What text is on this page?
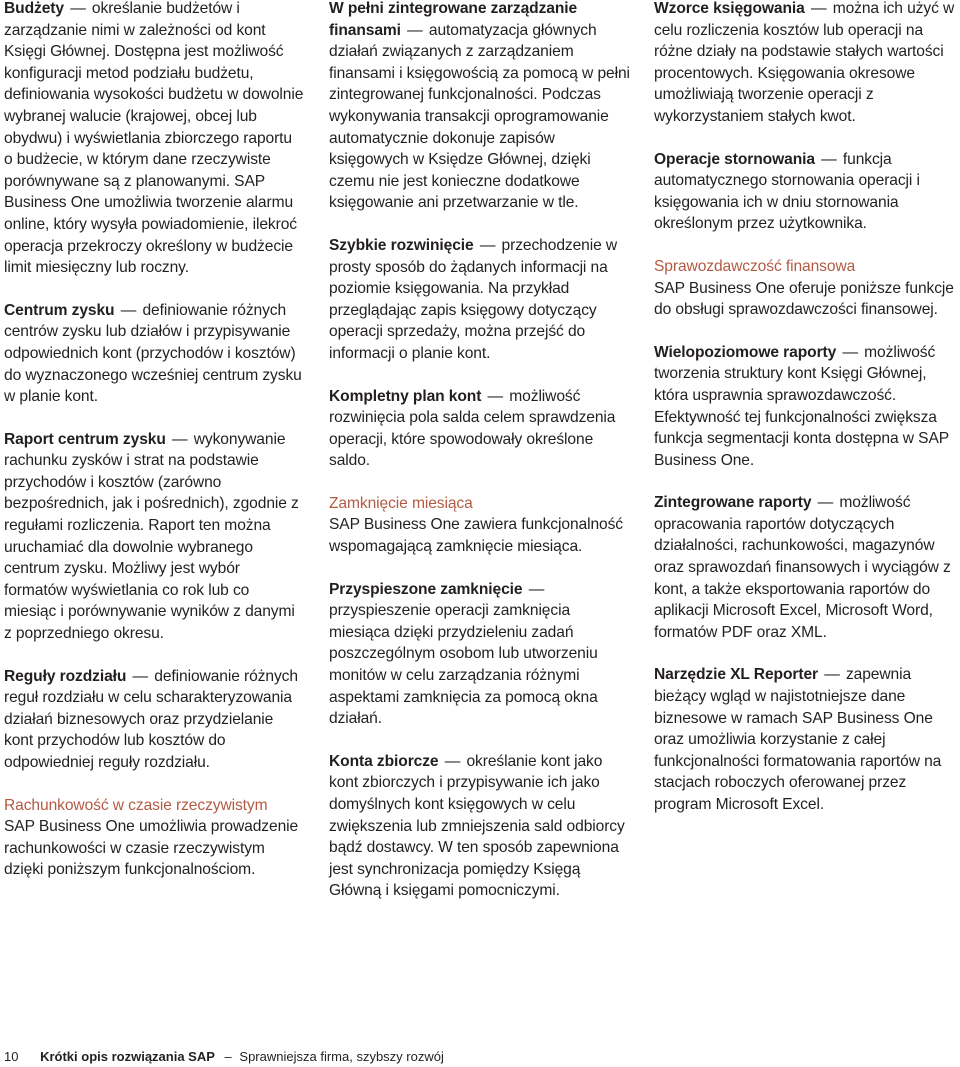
Budżety — określanie budżetów i zarządzanie nimi w zależności od kont Księgi Głównej. Dostępna jest możliwość konfiguracji metod podziału budżetu, definiowania wysokości budżetu w dowolnie wybranej walucie (krajowej, obcej lub obydwu) i wyświetlania zbiorczego raportu o budżecie, w którym dane rzeczywiste porównywane są z planowanymi. SAP Business One umożliwia tworzenie alarmu online, który wysyła powiadomienie, ilekroć operacja przekroczy określony w budżecie limit miesięczny lub roczny.

Centrum zysku — definiowanie różnych centrów zysku lub działów i przypisywanie odpowiednich kont (przychodów i kosztów) do wyznaczonego wcześniej centrum zysku w planie kont.

Raport centrum zysku — wykonywanie rachunku zysków i strat na podstawie przychodów i kosztów (zarówno bezpośrednich, jak i pośrednich), zgodnie z regułami rozliczenia. Raport ten można uruchamiać dla dowolnie wybranego centrum zysku. Możliwy jest wybór formatów wyświetlania co rok lub co miesiąc i porównywanie wyników z danymi z poprzedniego okresu.

Reguły rozdziału — definiowanie różnych reguł rozdziału w celu scharakteryzowania działań biznesowych oraz przydzielanie kont przychodów lub kosztów do odpowiedniej reguły rozdziału.

Rachunkowość w czasie rzeczywistym
SAP Business One umożliwia prowadzenie rachunkowości w czasie rzeczywistym dzięki poniższym funkcjonalnościom.

W pełni zintegrowane zarządzanie finansami — automatyzacja głównych działań związanych z zarządzaniem finansami i księgowością za pomocą w pełni zintegrowanej funkcjonalności. Podczas wykonywania transakcji oprogramowanie automatycznie dokonuje zapisów księgowych w Księdze Głównej, dzięki czemu nie jest konieczne dodatkowe księgowanie ani przetwarzanie w tle.

Szybkie rozwinięcie — przechodzenie w prosty sposób do żądanych informacji na poziomie księgowania. Na przykład przeglądając zapis księgowy dotyczący operacji sprzedaży, można przejść do informacji o planie kont.

Kompletny plan kont — możliwość rozwinięcia pola salda celem sprawdzenia operacji, które spowodowały określone saldo.

Zamknięcie miesiąca
SAP Business One zawiera funkcjonalność wspomagającą zamknięcie miesiąca.

Przyspieszone zamknięcie — przyspieszenie operacji zamknięcia miesiąca dzięki przydzieleniu zadań poszczególnym osobom lub utworzeniu monitów w celu zarządzania różnymi aspektami zamknięcia za pomocą okna działań.

Konta zbiorcze — określanie kont jako kont zbiorczych i przypisywanie ich jako domyślnych kont księgowych w celu zwiększenia lub zmniejszenia sald odbiorcy bądź dostawcy. W ten sposób zapewniona jest synchronizacja pomiędzy Księgą Główną i księgami pomocniczymi.

Wzorce księgowania — można ich użyć w celu rozliczenia kosztów lub operacji na różne działy na podstawie stałych wartości procentowych. Księgowania okresowe umożliwiają tworzenie operacji z wykorzystaniem stałych kwot.

Operacje stornowania — funkcja automatycznego stornowania operacji i księgowania ich w dniu stornowania określonym przez użytkownika.

Sprawozdawczość finansowa
SAP Business One oferuje poniższe funkcje do obsługi sprawozdawczości finansowej.

Wielopoziomowe raporty — możliwość tworzenia struktury kont Księgi Głównej, która usprawnia sprawozdawczość. Efektywność tej funkcjonalności zwiększa funkcja segmentacji konta dostępna w SAP Business One.

Zintegrowane raporty — możliwość opracowania raportów dotyczących działalności, rachunkowości, magazynów oraz sprawozdań finansowych i wyciągów z kont, a także eksportowania raportów do aplikacji Microsoft Excel, Microsoft Word, formatów PDF oraz XML.

Narzędzie XL Reporter — zapewnia bieżący wgląd w najistotniejsze dane biznesowe w ramach SAP Business One oraz umożliwia korzystanie z całej funkcjonalności formatowania raportów na stacjach roboczych oferowanej przez program Microsoft Excel.

10 Krótki opis rozwiązania SAP – Sprawniejsza firma, szybszy rozwój
